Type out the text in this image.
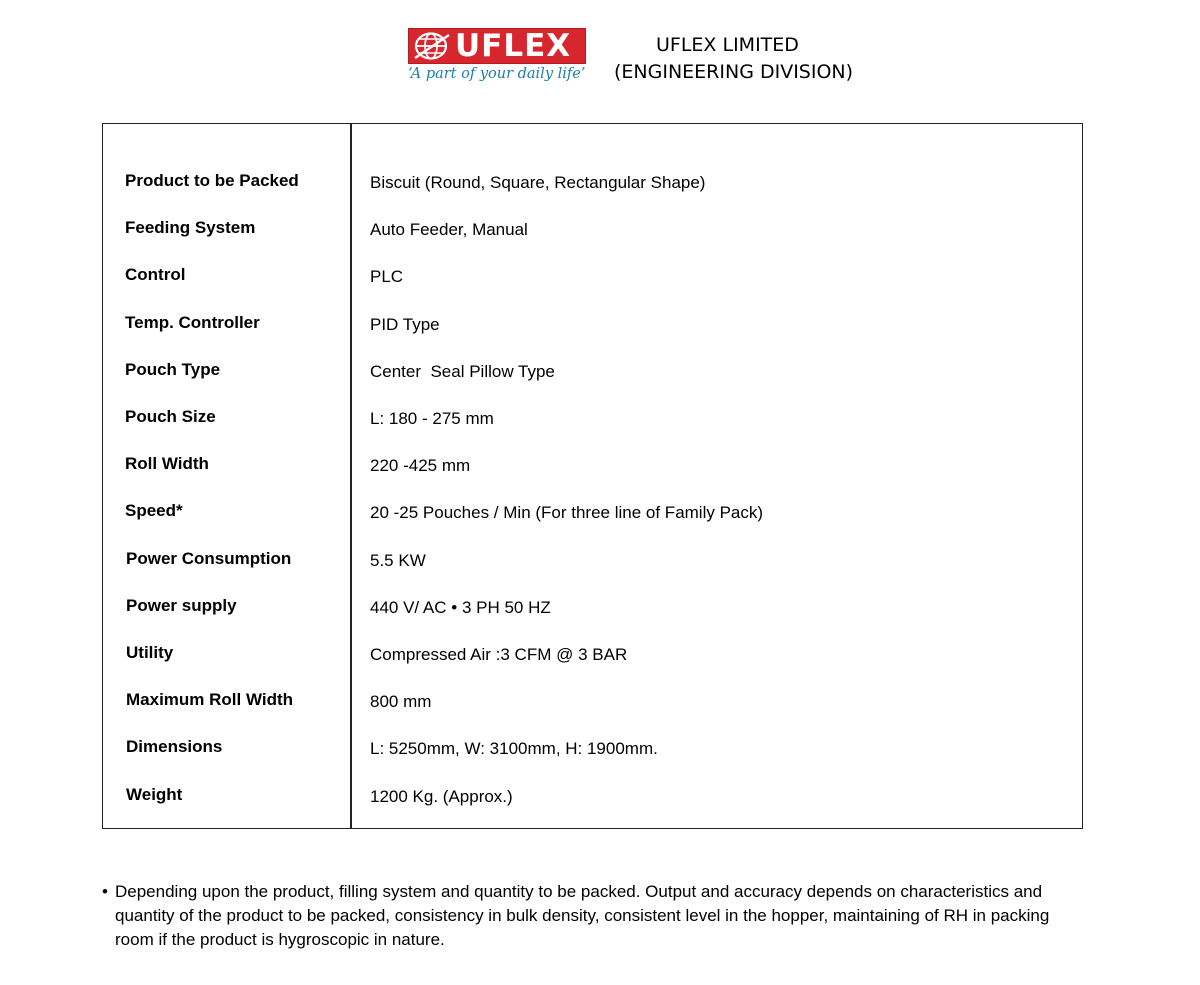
UFLEX
‘A part of your daily life’
UFLEX LIMITED
(ENGINEERING DIVISION)
Product to be Packed	Biscuit (Round, Square, Rectangular Shape)
Feeding System	Auto Feeder, Manual
Control	PLC
Temp. Controller	PID Type
Pouch Type	Center  Seal Pillow Type
Pouch Size	L: 180 - 275 mm
Roll Width	220 -425 mm
Speed*	20 -25 Pouches / Min (For three line of Family Pack)
Power Consumption	5.5 KW
Power supply	440 V/ AC • 3 PH 50 HZ
Utility	Compressed Air :3 CFM @ 3 BAR
Maximum Roll Width	800 mm
Dimensions	L: 5250mm, W: 3100mm, H: 1900mm.
Weight	1200 Kg. (Approx.)
• Depending upon the product, filling system and quantity to be packed. Output and accuracy depends on characteristics and quantity of the product to be packed, consistency in bulk density, consistent level in the hopper, maintaining of RH in packing room if the product is hygroscopic in nature.
